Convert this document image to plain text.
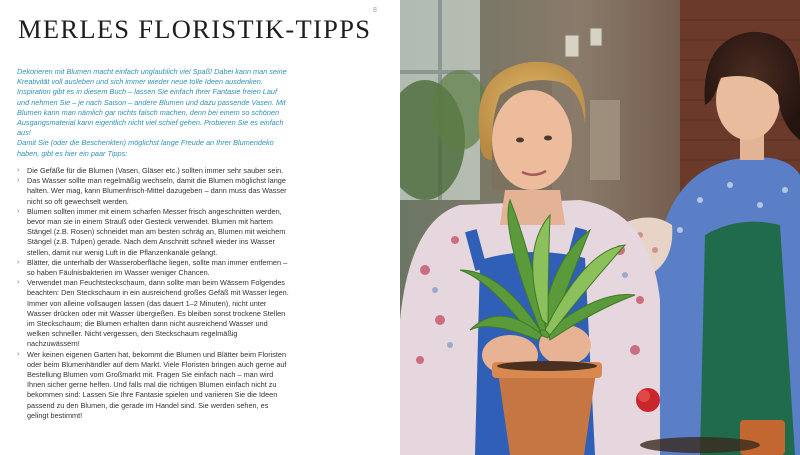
MERLES FLORISTIK-TIPPS
8

Dekorieren mit Blumen macht einfach unglaublich viel Spaß! Dabei kann man seine Kreativität voll ausleben und sich immer wieder neue tolle Ideen ausdenken. Inspiration gibt es in diesem Buch – lassen Sie einfach Ihrer Fantasie freien Lauf und nehmen Sie – je nach Saison – andere Blumen und dazu passende Vasen. Mit Blumen kann man nämlich gar nichts falsch machen, denn bei einem so schönen Ausgangsmaterial kann eigentlich nicht viel schief gehen. Probieren Sie es einfach aus!

Damit Sie (oder die Beschenkten) möglichst lange Freude an Ihrer Blumendeko haben, gibt es hier ein paar Tipps:

› Die Gefäße für die Blumen (Vasen, Gläser etc.) sollten immer sehr sauber sein.
› Das Wasser sollte man regelmäßig wechseln, damit die Blumen möglichst lange halten. Wer mag, kann Blumenfrisch-Mittel dazugeben – dann muss das Wasser nicht so oft gewechselt werden.
› Blumen sollten immer mit einem scharfen Messer frisch angeschnitten werden, bevor man sie in einem Strauß oder Gesteck verwendet. Blumen mit hartem Stängel (z.B. Rosen) schneidet man am besten schräg an, Blumen mit weichem Stängel (z.B. Tulpen) gerade. Nach dem Anschnitt schnell wieder ins Wasser stellen, damit nur wenig Luft in die Pflanzenkanäle gelangt.
› Blätter, die unterhalb der Wasseroberfläche liegen, sollte man immer entfernen – so haben Fäulnisbakterien im Wasser weniger Chancen.
› Verwendet man Feuchtsteckschaum, dann sollte man beim Wässern Folgendes beachten: Den Steckschaum in ein ausreichend großes Gefäß mit Wasser legen. Immer von alleine vollsaugen lassen (das dauert 1–2 Minuten), nicht unter Wasser drücken oder mit Wasser übergießen. Es bleiben sonst trockene Stellen im Steckschaum; die Blumen erhalten dann nicht ausreichend Wasser und welken schneller. Nicht vergessen, den Steckschaum regelmäßig nachzuwässern!
› Wer keinen eigenen Garten hat, bekommt die Blumen und Blätter beim Floristen oder beim Blumenhändler auf dem Markt. Viele Floristen bringen auch gerne auf Bestellung Blumen vom Großmarkt mit. Fragen Sie einfach nach – man wird Ihnen sicher gerne helfen. Und falls mal die richtigen Blumen einfach nicht zu bekommen sind: Lassen Sie Ihre Fantasie spielen und variieren Sie die Ideen passend zu den Blumen, die gerade im Handel sind. Sie werden sehen, es gelingt bestimmt!
